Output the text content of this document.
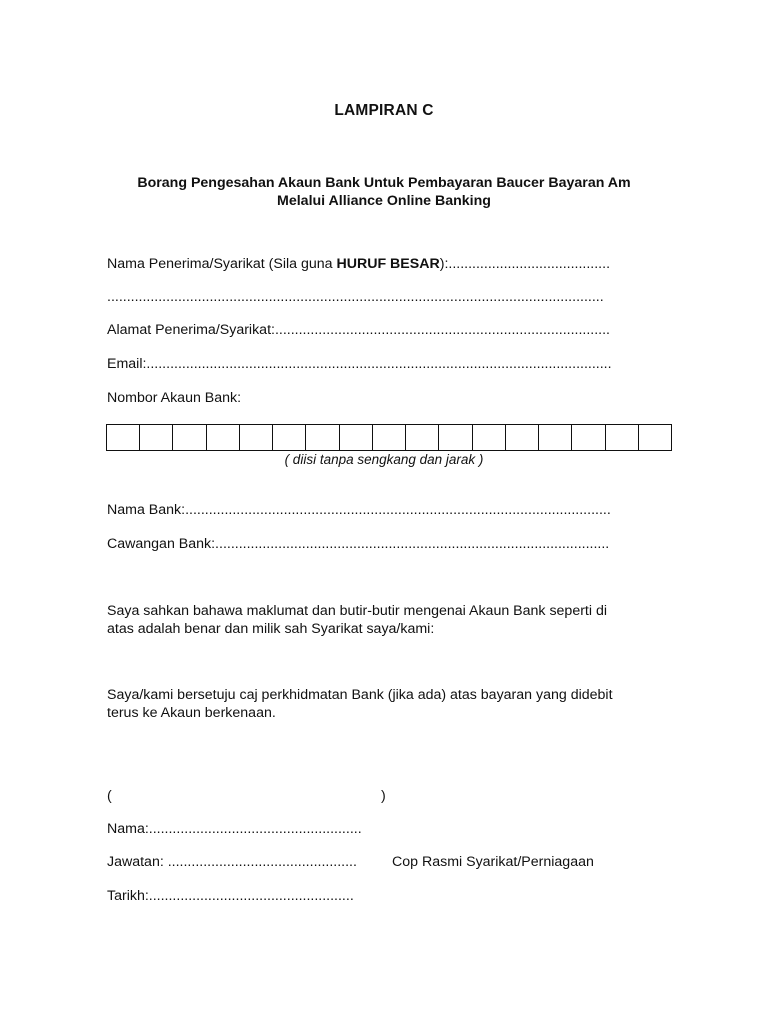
LAMPIRAN C
Borang Pengesahan Akaun Bank Untuk Pembayaran Baucer Bayaran Am
Melalui Alliance Online Banking
Nama Penerima/Syarikat (Sila guna HURUF BESAR):.........................................
..............................................................................................................................
Alamat Penerima/Syarikat:.....................................................................................
Email:......................................................................................................................
Nombor Akaun Bank:
( diisi tanpa sengkang dan jarak )
Nama Bank:............................................................................................................
Cawangan Bank:....................................................................................................
Saya sahkan bahawa maklumat dan butir-butir mengenai Akaun Bank seperti di
atas adalah benar dan milik sah Syarikat saya/kami:
Saya/kami bersetuju caj perkhidmatan Bank (jika ada) atas bayaran yang didebit
terus ke Akaun berkenaan.
(	)
Nama:......................................................
Jawatan: ................................................ Cop Rasmi Syarikat/Perniagaan
Tarikh:....................................................
